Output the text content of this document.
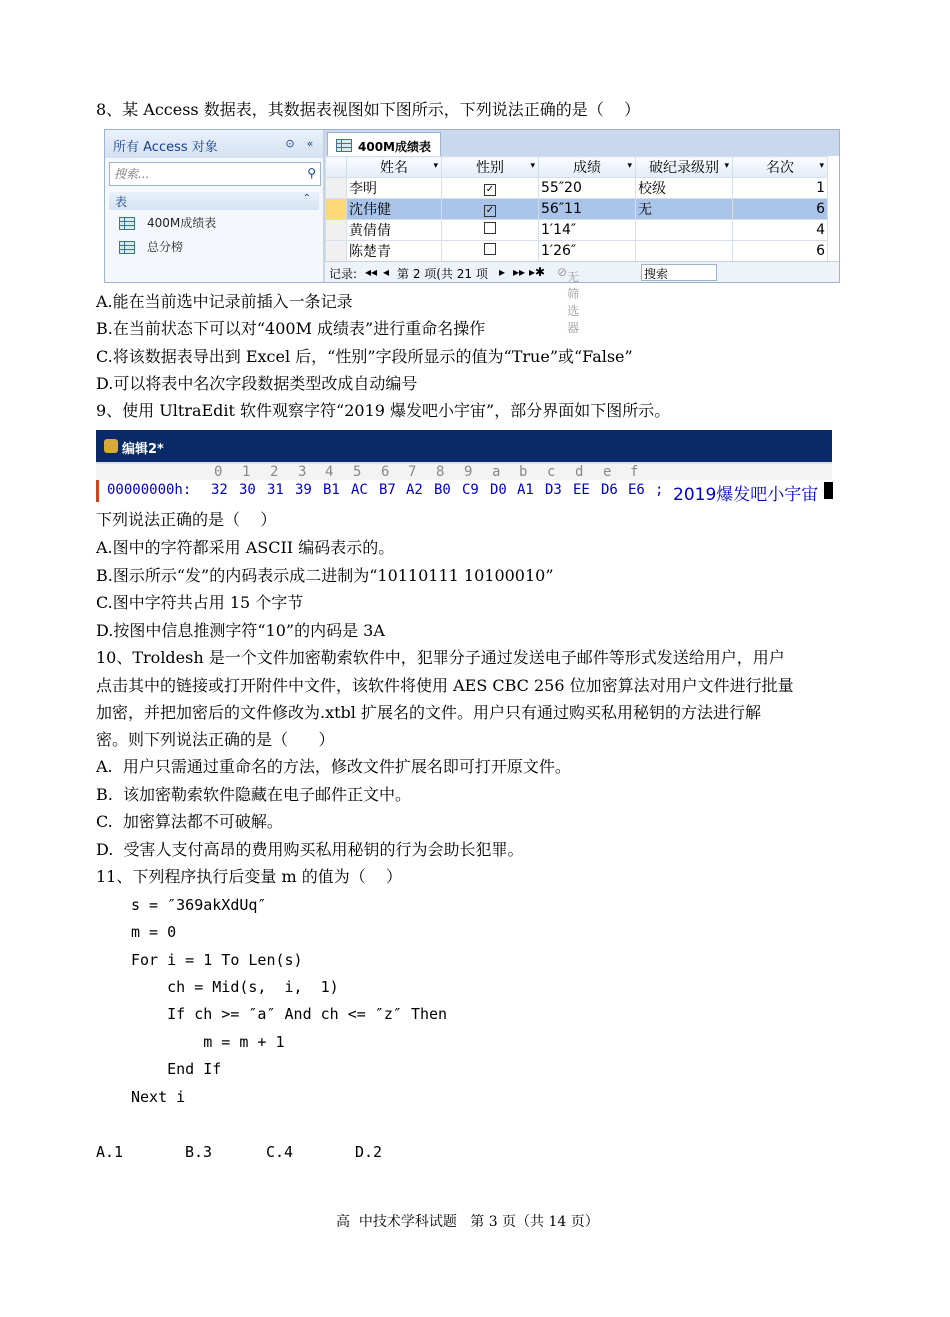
8、某 Access 数据表，其数据表视图如下图所示，下列说法正确的是（    ）
所有 Access 对象	⊙	«
搜索...
⚲
表	⌃
400M成绩表
总分榜
400M成绩表
	姓名 ▾	性别 ▾	成绩 ▾	破纪录级别 ▾	名次 ▾

	李明	✓	55″20	校级	1
	沈伟健	✓	56″11	无	6
	黄倩倩		1′14″		4
	陈楚青		1′26″		6
记录: ◂◂ ◂ 第 2 项(共 21 项 ▸ ▸▸ ▸✱ ⊘ 无筛选器
搜索
A.能在当前选中记录前插入一条记录
B.在当前状态下可以对“400M 成绩表”进行重命名操作
C.将该数据表导出到 Excel 后，“性别”字段所显示的值为“True”或“False”
D.可以将表中名次字段数据类型改成自动编号
9、使用 UltraEdit 软件观察字符“2019 爆发吧小宇宙”，部分界面如下图所示。
编辑2*
0 1 2 3 4 5 6 7 8 9 a b c d e f
00000000h: 32 30 31 39 B1 AC B7 A2 B0 C9 D0 A1 D3 EE D6 E6 ; 2019爆发吧小宇宙
下列说法正确的是（    ）
A.图中的字符都采用 ASCII 编码表示的。
B.图示所示“发”的内码表示成二进制为“10110111 10100010”
C.图中字符共占用 15 个字节
D.按图中信息推测字符“10”的内码是 3A
10、Troldesh 是一个文件加密勒索软件中，犯罪分子通过发送电子邮件等形式发送给用户，用户
点击其中的链接或打开附件中文件，该软件将使用 AES CBC 256 位加密算法对用户文件进行批量
加密，并把加密后的文件修改为.xtbl 扩展名的文件。用户只有通过购买私用秘钥的方法进行解
密。则下列说法正确的是（      ）
A.  用户只需通过重命名的方法，修改文件扩展名即可打开原文件。
B.  该加密勒索软件隐藏在电子邮件正文中。
C.  加密算法都不可破解。
D.  受害人支付高昂的费用购买私用秘钥的行为会助长犯罪。
11、下列程序执行后变量 m 的值为（    ）
s = ″369akXdUq″
m = 0
For i = 1 To Len(s)
ch = Mid(s,  i,  1)
If ch >= ″a″ And ch <= ″z″ Then
m = m + 1
End If
Next i
A.1	B.3	C.4	D.2
高  中技术学科试题   第 3 页（共 14 页）
